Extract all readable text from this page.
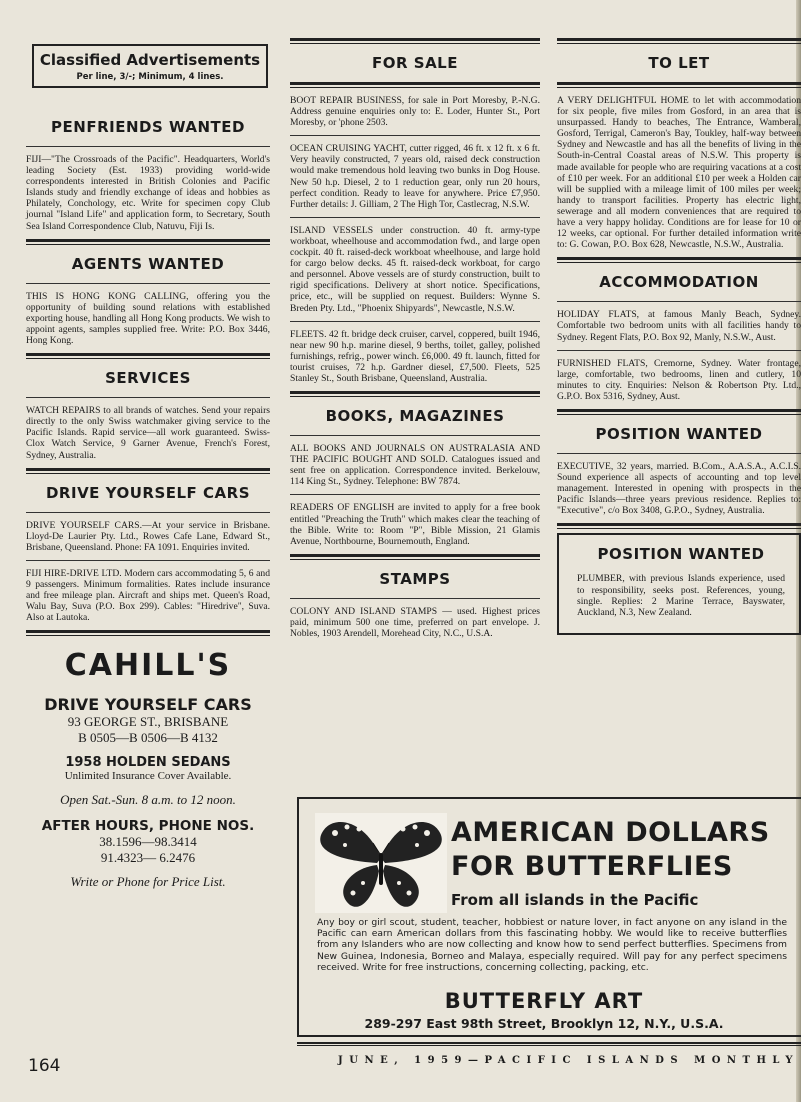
Classified Advertisements
Per line, 3/-; Minimum, 4 lines.
PENFRIENDS WANTED
FIJI—"The Crossroads of the Pacific". Headquarters, World's leading Society (Est. 1933) providing world-wide correspondents interested in British Colonies and Pacific Islands study and friendly exchange of ideas and hobbies as Philately, Conchology, etc. Write for specimen copy Club journal "Island Life" and application form, to Secretary, South Sea Island Correspondence Club, Natuvu, Fiji Is.
AGENTS WANTED
THIS IS HONG KONG CALLING, offering you the opportunity of building sound relations with established exporting house, handling all Hong Kong products. We wish to appoint agents, samples supplied free. Write: P.O. Box 3446, Hong Kong.
SERVICES
WATCH REPAIRS to all brands of watches. Send your repairs directly to the only Swiss watchmaker giving service to the Pacific Islands. Rapid service—all work guaranteed. Swiss-Clox Watch Service, 9 Garner Avenue, French's Forest, Sydney, Australia.
DRIVE YOURSELF CARS
DRIVE YOURSELF CARS.—At your service in Brisbane. Lloyd-De Laurier Pty. Ltd., Rowes Cafe Lane, Edward St., Brisbane, Queensland. Phone: FA 1091. Enquiries invited.
FIJI HIRE-DRIVE LTD. Modern cars accommodating 5, 6 and 9 passengers. Minimum formalities. Rates include insurance and free mileage plan. Aircraft and ships met. Queen's Road, Walu Bay, Suva (P.O. Box 299). Cables: "Hiredrive", Suva. Also at Lautoka.
CAHILL'S
DRIVE YOURSELF CARS
93 GEORGE ST., BRISBANE
B 0505—B 0506—B 4132
1958 HOLDEN SEDANS
Unlimited Insurance Cover Available.
Open Sat.-Sun. 8 a.m. to 12 noon.
AFTER HOURS, PHONE NOS.
38.1596—98.3414
91.4323— 6.2476
Write or Phone for Price List.
FOR SALE
BOOT REPAIR BUSINESS, for sale in Port Moresby, P.-N.G. Address genuine enquiries only to: E. Loder, Hunter St., Port Moresby, or 'phone 2503.
OCEAN CRUISING YACHT, cutter rigged, 46 ft. x 12 ft. x 6 ft. Very heavily constructed, 7 years old, raised deck construction would make tremendous hold leaving two bunks in Dog House. New 50 h.p. Diesel, 2 to 1 reduction gear, only run 20 hours, perfect condition. Ready to leave for anywhere. Price £7,950. Further details: J. Gilliam, 2 The High Tor, Castlecrag, N.S.W.
ISLAND VESSELS under construction. 40 ft. army-type workboat, wheelhouse and accommodation fwd., and large open cockpit. 40 ft. raised-deck workboat wheelhouse, and large hold for cargo below decks. 45 ft. raised-deck workboat, for cargo and personnel. Above vessels are of sturdy construction, built to rigid specifications. Delivery at short notice. Specifications, price, etc., will be supplied on request. Builders: Wynne S. Breden Pty. Ltd., "Phoenix Shipyards", Newcastle, N.S.W.
FLEETS. 42 ft. bridge deck cruiser, carvel, coppered, built 1946, near new 90 h.p. marine diesel, 9 berths, toilet, galley, polished furnishings, refrig., power winch. £6,000. 49 ft. launch, fitted for tourist cruises, 72 h.p. Gardner diesel, £7,500. Fleets, 525 Stanley St., South Brisbane, Queensland, Australia.
BOOKS, MAGAZINES
ALL BOOKS AND JOURNALS ON AUSTRALASIA AND THE PACIFIC BOUGHT AND SOLD. Catalogues issued and sent free on application. Correspondence invited. Berkelouw, 114 King St., Sydney. Telephone: BW 7874.
READERS OF ENGLISH are invited to apply for a free book entitled "Preaching the Truth" which makes clear the teaching of the Bible. Write to: Room "P", Bible Mission, 21 Glamis Avenue, Northbourne, Bournemouth, England.
STAMPS
COLONY AND ISLAND STAMPS — used. Highest prices paid, minimum 500 one time, preferred on part envelope. J. Nobles, 1903 Arendell, Morehead City, N.C., U.S.A.
TO LET
A VERY DELIGHTFUL HOME to let with accommodation for six people, five miles from Gosford, in an area that is unsurpassed. Handy to beaches, The Entrance, Wamberal, Gosford, Terrigal, Cameron's Bay, Toukley, half-way between Sydney and Newcastle and has all the benefits of living in the South-in-Central Coastal areas of N.S.W. This property is made available for people who are requiring vacations at a cost of £10 per week. For an additional £10 per week a Holden car will be supplied with a mileage limit of 100 miles per week; handy to transport facilities. Property has electric light, sewerage and all modern conveniences that are required to have a very happy holiday. Conditions are for lease for 10 or 12 weeks, car optional. For further detailed information write to: G. Cowan, P.O. Box 628, Newcastle, N.S.W., Australia.
ACCOMMODATION
HOLIDAY FLATS, at famous Manly Beach, Sydney. Comfortable two bedroom units with all facilities handy to Sydney. Regent Flats, P.O. Box 92, Manly, N.S.W., Aust.
FURNISHED FLATS, Cremorne, Sydney. Water frontage, large, comfortable, two bedrooms, linen and cutlery, 10 minutes to city. Enquiries: Nelson & Robertson Pty. Ltd., G.P.O. Box 5316, Sydney, Aust.
POSITION WANTED
EXECUTIVE, 32 years, married. B.Com., A.A.S.A., A.C.I.S. Sound experience all aspects of accounting and top level management. Interested in opening with prospects in the Pacific Islands—three years previous residence. Replies to: "Executive", c/o Box 3408, G.P.O., Sydney, Australia.
POSITION WANTED
PLUMBER, with previous Islands experience, used to responsibility, seeks post. References, young, single. Replies: 2 Marine Terrace, Bayswater, Auckland, N.3, New Zealand.
AMERICAN DOLLARS
FOR BUTTERFLIES
From all islands in the Pacific
Any boy or girl scout, student, teacher, hobbiest or nature lover, in fact anyone on any island in the Pacific can earn American dollars from this fascinating hobby. We would like to receive butterflies from any Islanders who are now collecting and know how to send perfect butterflies. Specimens from New Guinea, Indonesia, Borneo and Malaya, especially required. Will pay for any perfect specimens received. Write for free instructions, concerning collecting, packing, etc.
BUTTERFLY ART
289-297 East 98th Street, Brooklyn 12, N.Y., U.S.A.
164	JUNE, 1959—PACIFIC ISLANDS MONTHLY
